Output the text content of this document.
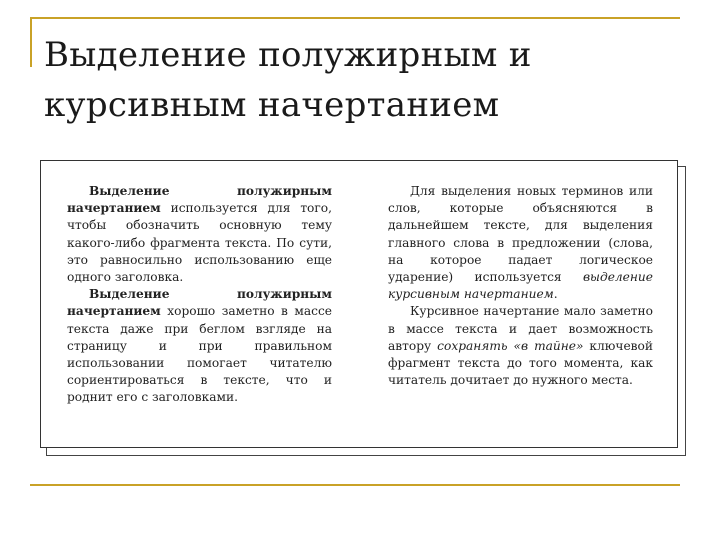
Выделение полужирным и
курсивным начертанием

Выделение полужирным начертанием используется для того, чтобы обозначить основную тему какого-либо фрагмента текста. По сути, это равносильно использованию еще одного заголовка.

Выделение полужирным начертанием хорошо заметно в массе текста даже при беглом взгляде на страницу и при правильном использовании помогает читателю сориентироваться в тексте, что и роднит его с заголовками.

Для выделения новых терминов или слов, которые объясняются в дальнейшем тексте, для выделения главного слова в предложении (слова, на которое падает логическое ударение) используется выделение курсивным начертанием.

Курсивное начертание мало заметно в массе текста и дает возможность автору сохранять «в тайне» ключевой фрагмент текста до того момента, как читатель дочитает до нужного места.
